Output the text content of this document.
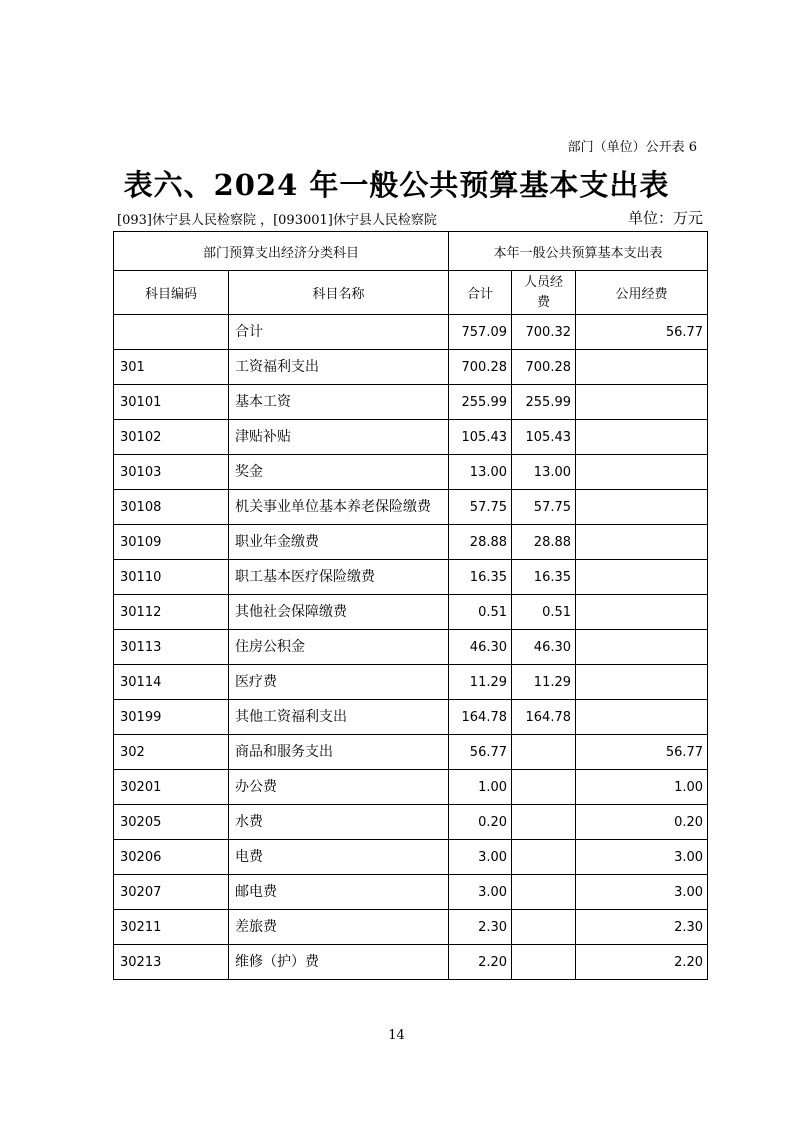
部门（单位）公开表 6
表六、2024 年一般公共预算基本支出表
[093]休宁县人民检察院 ，[093001]休宁县人民检察院	单位：万元
部门预算支出经济分类科目		本年一般公共预算基本支出表		
科目编码	科目名称	合计	人员经费	公用经费
	合计	757.09	700.32	56.77
301	工资福利支出	700.28	700.28	
30101	基本工资	255.99	255.99	
30102	津贴补贴	105.43	105.43	
30103	奖金	13.00	13.00	
30108	机关事业单位基本养老保险缴费	57.75	57.75	
30109	职业年金缴费	28.88	28.88	
30110	职工基本医疗保险缴费	16.35	16.35	
30112	其他社会保障缴费	0.51	0.51	
30113	住房公积金	46.30	46.30	
30114	医疗费	11.29	11.29	
30199	其他工资福利支出	164.78	164.78	
302	商品和服务支出	56.77		56.77
30201	办公费	1.00		1.00
30205	水费	0.20		0.20
30206	电费	3.00		3.00
30207	邮电费	3.00		3.00
30211	差旅费	2.30		2.30
30213	维修（护）费	2.20		2.20
14
